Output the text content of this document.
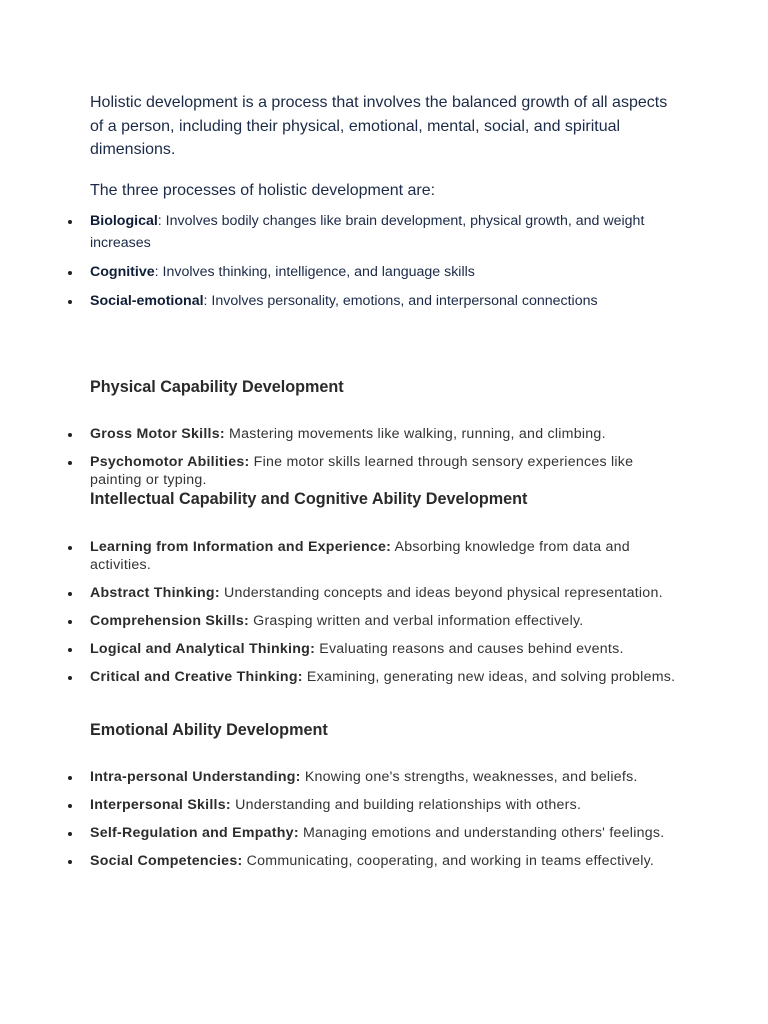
Holistic development is a process that involves the balanced growth of all aspects of a person, including their physical, emotional, mental, social, and spiritual dimensions.

The three processes of holistic development are:

Biological: Involves bodily changes like brain development, physical growth, and weight increases
Cognitive: Involves thinking, intelligence, and language skills
Social-emotional: Involves personality, emotions, and interpersonal connections
Physical Capability Development
Gross Motor Skills: Mastering movements like walking, running, and climbing.
Psychomotor Abilities: Fine motor skills learned through sensory experiences like painting or typing.
Intellectual Capability and Cognitive Ability Development
Learning from Information and Experience: Absorbing knowledge from data and activities.
Abstract Thinking: Understanding concepts and ideas beyond physical representation.
Comprehension Skills: Grasping written and verbal information effectively.
Logical and Analytical Thinking: Evaluating reasons and causes behind events.
Critical and Creative Thinking: Examining, generating new ideas, and solving problems.
Emotional Ability Development
Intra-personal Understanding: Knowing one's strengths, weaknesses, and beliefs.
Interpersonal Skills: Understanding and building relationships with others.
Self-Regulation and Empathy: Managing emotions and understanding others' feelings.
Social Competencies: Communicating, cooperating, and working in teams effectively.
